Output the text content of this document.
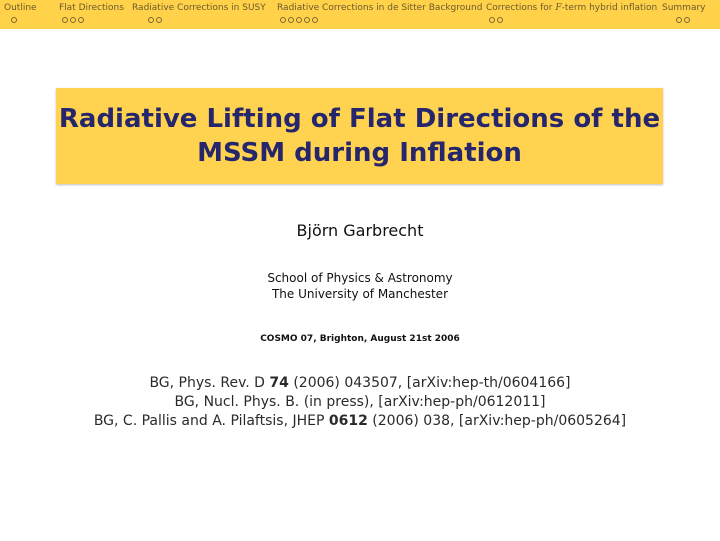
Outline Flat Directions Radiative Corrections in SUSY Radiative Corrections in de Sitter Background Corrections for F-term hybrid inflation Summary
Radiative Lifting of Flat Directions of the
MSSM during Inflation
Björn Garbrecht
School of Physics & Astronomy
The University of Manchester
COSMO 07, Brighton, August 21st 2006
BG, Phys. Rev. D 74 (2006) 043507, [arXiv:hep-th/0604166]
BG, Nucl. Phys. B. (in press), [arXiv:hep-ph/0612011]
BG, C. Pallis and A. Pilaftsis, JHEP 0612 (2006) 038, [arXiv:hep-ph/0605264]
